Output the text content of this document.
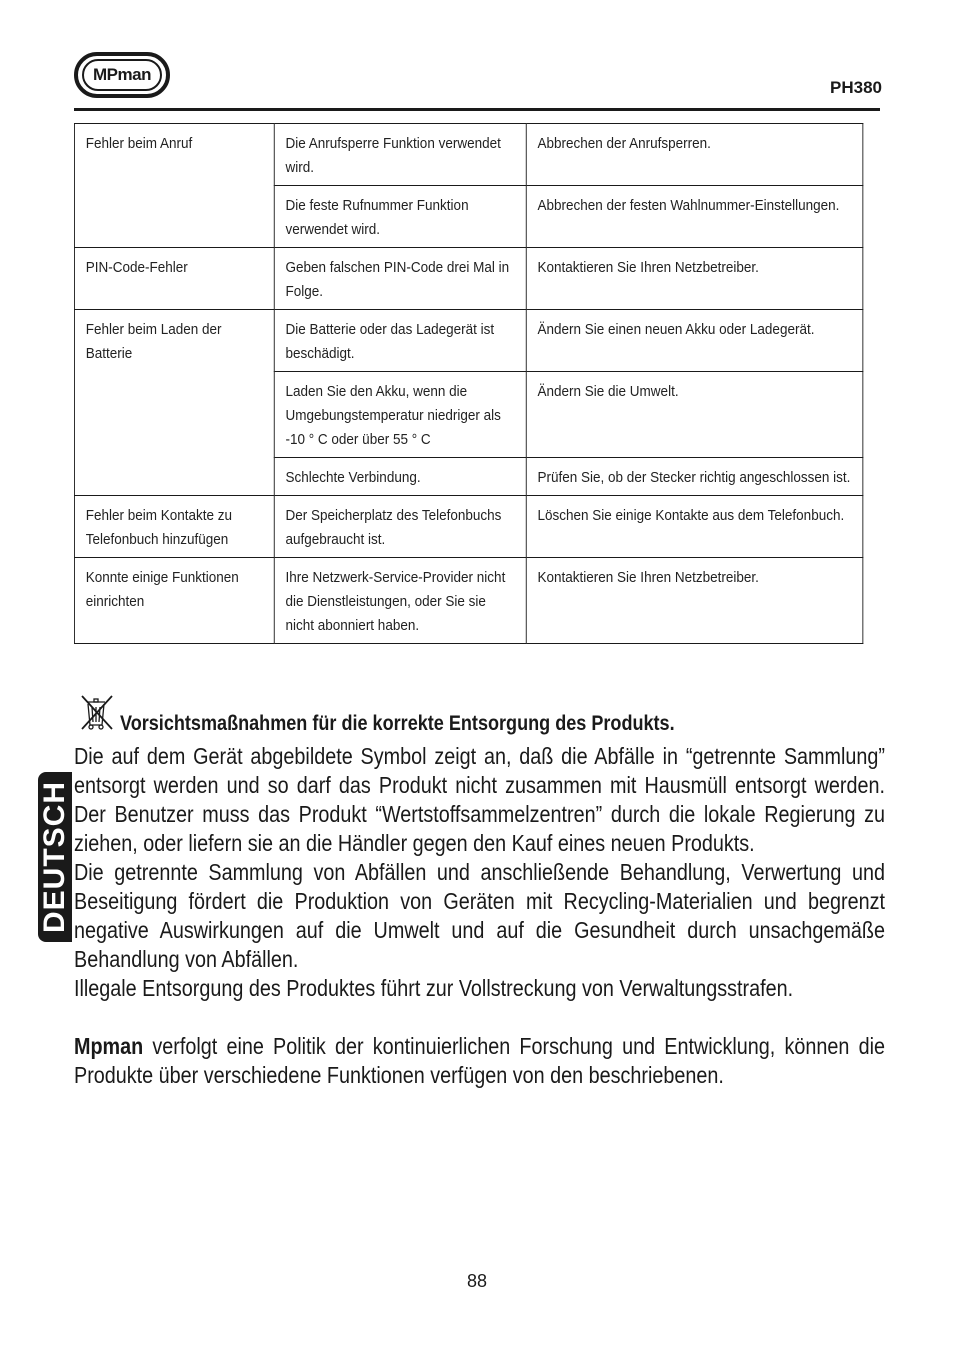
MPman
PH380
Fehler beim Anruf	Die Anrufsperre Funktion verwendet wird.	Abbrechen der Anrufsperren.
	Die feste Rufnummer Funktion verwendet wird.	Abbrechen der festen Wahlnummer-Einstellungen.
PIN-Code-Fehler	Geben falschen PIN-Code drei Mal in Folge.	Kontaktieren Sie Ihren Netzbetreiber.
Fehler beim Laden der Batterie	Die Batterie oder das Ladegerät ist beschädigt.	Ändern Sie einen neuen Akku oder Ladegerät.
	Laden Sie den Akku, wenn die Umgebungstemperatur niedriger als -10 ° C oder über 55 ° C	Ändern Sie die Umwelt.
	Schlechte Verbindung.	Prüfen Sie, ob der Stecker richtig angeschlossen ist.
Fehler beim Kontakte zu Telefonbuch hinzufügen	Der Speicherplatz des Telefonbuchs aufgebraucht ist.	Löschen Sie einige Kontakte aus dem Telefonbuch.
Konnte einige Funktionen einrichten	Ihre Netzwerk-Service-Provider nicht die Dienstleistungen, oder Sie sie nicht abonniert haben.	Kontaktieren Sie Ihren Netzbetreiber.
DEUTSCH
Vorsichtsmaßnahmen für die korrekte Entsorgung des Produkts.

Die auf dem Gerät abgebildete Symbol zeigt an, daß die Abfälle in “getrennte Sammlung” entsorgt werden und so darf das Produkt nicht zusammen mit Hausmüll entsorgt werden. Der Benutzer muss das Produkt “Wertstoffsammelzentren” durch die lokale Regierung zu ziehen, oder liefern sie an die Händler gegen den Kauf eines neuen Produkts.

Die getrennte Sammlung von Abfällen und anschließende Behandlung, Verwertung und Beseitigung fördert die Produktion von Geräten mit Recycling-Materialien und begrenzt negative Auswirkungen auf die Umwelt und auf die Gesundheit durch unsachgemäße Behandlung von Abfällen.

Illegale Entsorgung des Produktes führt zur Vollstreckung von Verwaltungsstrafen.

Mpman verfolgt eine Politik der kontinuierlichen Forschung und Entwicklung, können die Produkte über verschiedene Funktionen verfügen von den beschriebenen.

88
